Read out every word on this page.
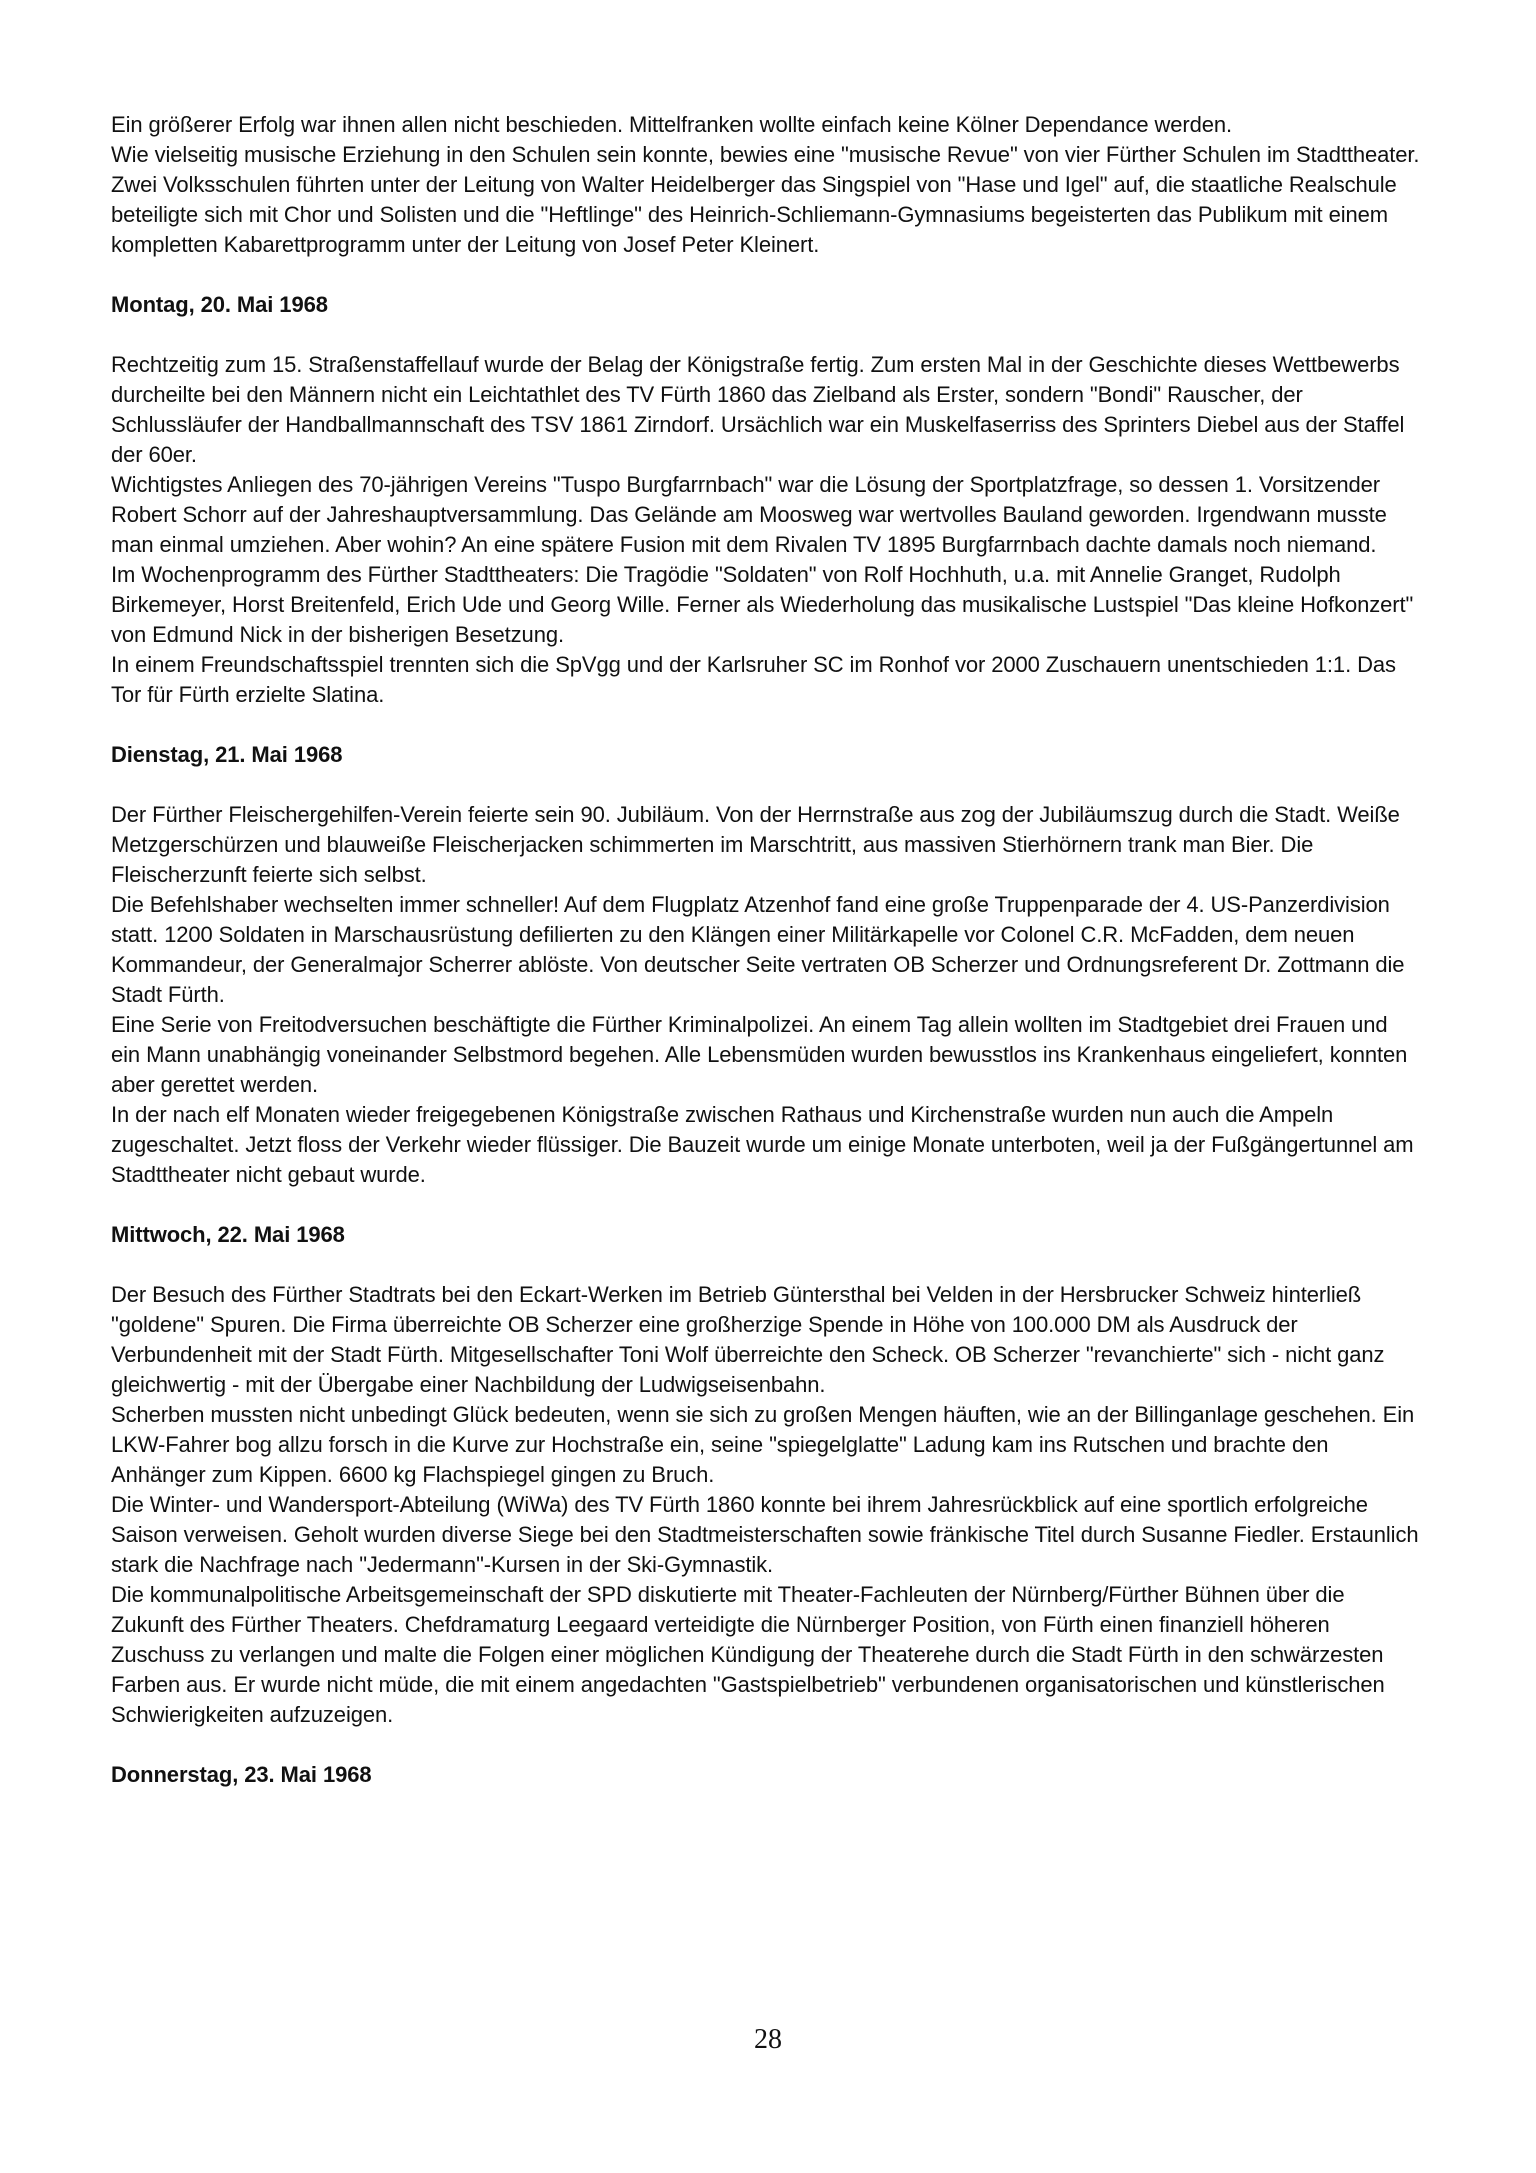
Ein größerer Erfolg war ihnen allen nicht beschieden. Mittelfranken wollte einfach keine Kölner Dependance werden.

Wie vielseitig musische Erziehung in den Schulen sein konnte, bewies eine "musische Revue" von vier Fürther Schulen im Stadttheater. Zwei Volksschulen führten unter der Leitung von Walter Heidelberger das Singspiel von "Hase und Igel" auf, die staatliche Realschule beteiligte sich mit Chor und Solisten und die "Heftlinge" des Heinrich-Schliemann-Gymnasiums begeisterten das Publikum mit einem kompletten Kabarettprogramm unter der Leitung von Josef Peter Kleinert.

Montag, 20. Mai 1968

Rechtzeitig zum 15. Straßenstaffellauf wurde der Belag der Königstraße fertig. Zum ersten Mal in der Geschichte dieses Wettbewerbs durcheilte bei den Männern nicht ein Leichtathlet des TV Fürth 1860 das Zielband als Erster, sondern "Bondi" Rauscher, der Schlussläufer der Handballmannschaft des TSV 1861 Zirndorf. Ursächlich war ein Muskelfaserriss des Sprinters Diebel aus der Staffel der 60er.

Wichtigstes Anliegen des 70-jährigen Vereins "Tuspo Burgfarrnbach" war die Lösung der Sportplatzfrage, so dessen 1. Vorsitzender Robert Schorr auf der Jahreshauptversammlung. Das Gelände am Moosweg war wertvolles Bauland geworden. Irgendwann musste man einmal umziehen. Aber wohin? An eine spätere Fusion mit dem Rivalen TV 1895 Burgfarrnbach dachte damals noch niemand.

Im Wochenprogramm des Fürther Stadttheaters: Die Tragödie "Soldaten" von Rolf Hochhuth, u.a. mit Annelie Granget, Rudolph Birkemeyer, Horst Breitenfeld, Erich Ude und Georg Wille. Ferner als Wiederholung das musikalische Lustspiel "Das kleine Hofkonzert" von Edmund Nick in der bisherigen Besetzung.

In einem Freundschaftsspiel trennten sich die SpVgg und der Karlsruher SC im Ronhof vor 2000 Zuschauern unentschieden 1:1. Das Tor für Fürth erzielte Slatina.

Dienstag, 21. Mai 1968

Der Fürther Fleischergehilfen-Verein feierte sein 90. Jubiläum. Von der Herrnstraße aus zog der Jubiläumszug durch die Stadt. Weiße Metzgerschürzen und blauweiße Fleischerjacken schimmerten im Marschtritt, aus massiven Stierhörnern trank man Bier. Die Fleischerzunft feierte sich selbst.

Die Befehlshaber wechselten immer schneller! Auf dem Flugplatz Atzenhof fand eine große Truppenparade der 4. US-Panzerdivision statt. 1200 Soldaten in Marschausrüstung defilierten zu den Klängen einer Militärkapelle vor Colonel C.R. McFadden, dem neuen Kommandeur, der Generalmajor Scherrer ablöste. Von deutscher Seite vertraten OB Scherzer und Ordnungsreferent Dr. Zottmann die Stadt Fürth.

Eine Serie von Freitodversuchen beschäftigte die Fürther Kriminalpolizei. An einem Tag allein wollten im Stadtgebiet drei Frauen und ein Mann unabhängig voneinander Selbstmord begehen. Alle Lebensmüden wurden bewusstlos ins Krankenhaus eingeliefert, konnten aber gerettet werden.

In der nach elf Monaten wieder freigegebenen Königstraße zwischen Rathaus und Kirchenstraße wurden nun auch die Ampeln zugeschaltet. Jetzt floss der Verkehr wieder flüssiger. Die Bauzeit wurde um einige Monate unterboten, weil ja der Fußgängertunnel am Stadttheater nicht gebaut wurde.

Mittwoch, 22. Mai 1968

Der Besuch des Fürther Stadtrats bei den Eckart-Werken im Betrieb Güntersthal bei Velden in der Hersbrucker Schweiz hinterließ "goldene" Spuren. Die Firma überreichte OB Scherzer eine großherzige Spende in Höhe von 100.000 DM als Ausdruck der Verbundenheit mit der Stadt Fürth. Mitgesellschafter Toni Wolf überreichte den Scheck. OB Scherzer "revanchierte" sich - nicht ganz gleichwertig - mit der Übergabe einer Nachbildung der Ludwigseisenbahn.

Scherben mussten nicht unbedingt Glück bedeuten, wenn sie sich zu großen Mengen häuften, wie an der Billinganlage geschehen. Ein LKW-Fahrer bog allzu forsch in die Kurve zur Hochstraße ein, seine "spiegelglatte" Ladung kam ins Rutschen und brachte den Anhänger zum Kippen. 6600 kg Flachspiegel gingen zu Bruch.

Die Winter- und Wandersport-Abteilung (WiWa) des TV Fürth 1860 konnte bei ihrem Jahresrückblick auf eine sportlich erfolgreiche Saison verweisen. Geholt wurden diverse Siege bei den Stadtmeisterschaften sowie fränkische Titel durch Susanne Fiedler. Erstaunlich stark die Nachfrage nach "Jedermann"-Kursen in der Ski-Gymnastik.

Die kommunalpolitische Arbeitsgemeinschaft der SPD diskutierte mit Theater-Fachleuten der Nürnberg/Fürther Bühnen über die Zukunft des Fürther Theaters. Chefdramaturg Leegaard verteidigte die Nürnberger Position, von Fürth einen finanziell höheren Zuschuss zu verlangen und malte die Folgen einer möglichen Kündigung der Theaterehe durch die Stadt Fürth in den schwärzesten Farben aus. Er wurde nicht müde, die mit einem angedachten "Gastspielbetrieb" verbundenen organisatorischen und künstlerischen Schwierigkeiten aufzuzeigen.

Donnerstag, 23. Mai 1968
28
